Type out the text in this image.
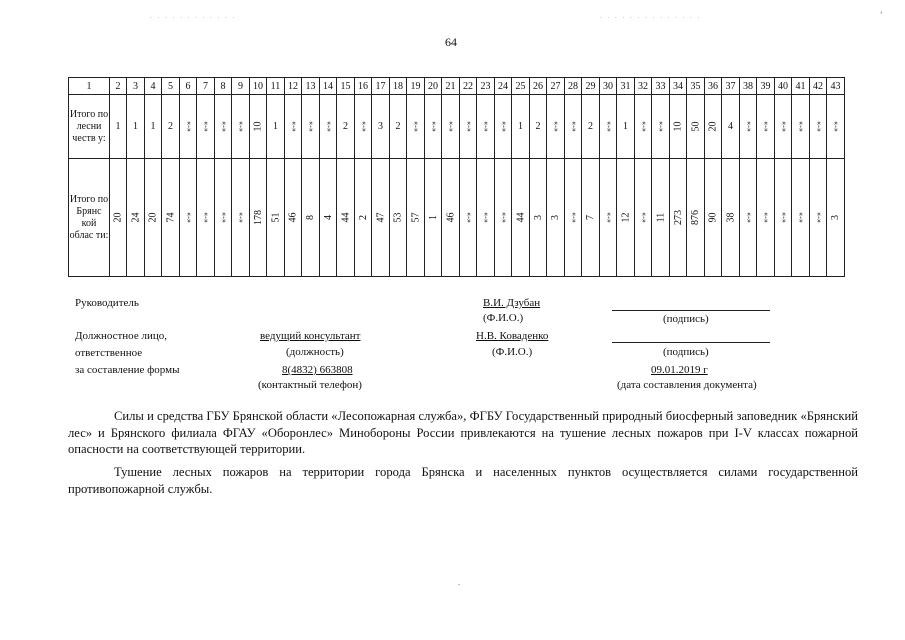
. . . . . . . . . . . .	. . . . . . . . . . . . . .	‘
64
1	2	3	4	5	6	7	8	9	10	11	12	13	14	15	16	17	18	19	20	21	22	23	24	25	26	27	28	29	30	31	32	33	34	35	36	37	38	39	40	41	42	43
Итого по лесни честв у:	1	1	1	2	«-»	«-»	«-»	«-»	10	1	«-»	«-»	«-»	2	«-»	3	2	«-»	«-»	«-»	«-»	«-»	«-»	1	2	«-»	«-»	2	«-»	1	«-»	«-»	10	50	20	4	«-»	«-»	«-»	«-»	«-»	«-»
Итого по Брянс кой облас ти:	20	24	20	74	«-»	«-»	«-»	«-»	178	51	46	8	4	44	2	47	53	57	1	46	«-»	«-»	«-»	44	3	3	«-»	7	«-»	12	«-»	11	273	876	90	38	«-»	«-»	«-»	«-»	«-»	3
Руководитель	В.И. Дзубан
(Ф.И.О.)	(подпись)
Должностное лицо,
ответственное
за составление формы
ведущий консультант
(должность)
Н.В. Коваденко
(Ф.И.О.)	(подпись)
8(4832) 663808
(контактный телефон)
09.01.2019 г
(дата составления документа)
Силы и средства ГБУ Брянской области «Лесопожарная служба», ФГБУ Государственный природный биосферный заповедник «Брянский лес» и Брянского филиала ФГАУ «Оборонлес» Минобороны России привлекаются на тушение лесных пожаров при I-V классах пожарной опасности на соответствующей территории.
Тушение лесных пожаров на территории города Брянска и населенных пунктов осуществляется силами государственной противопожарной службы.
.
